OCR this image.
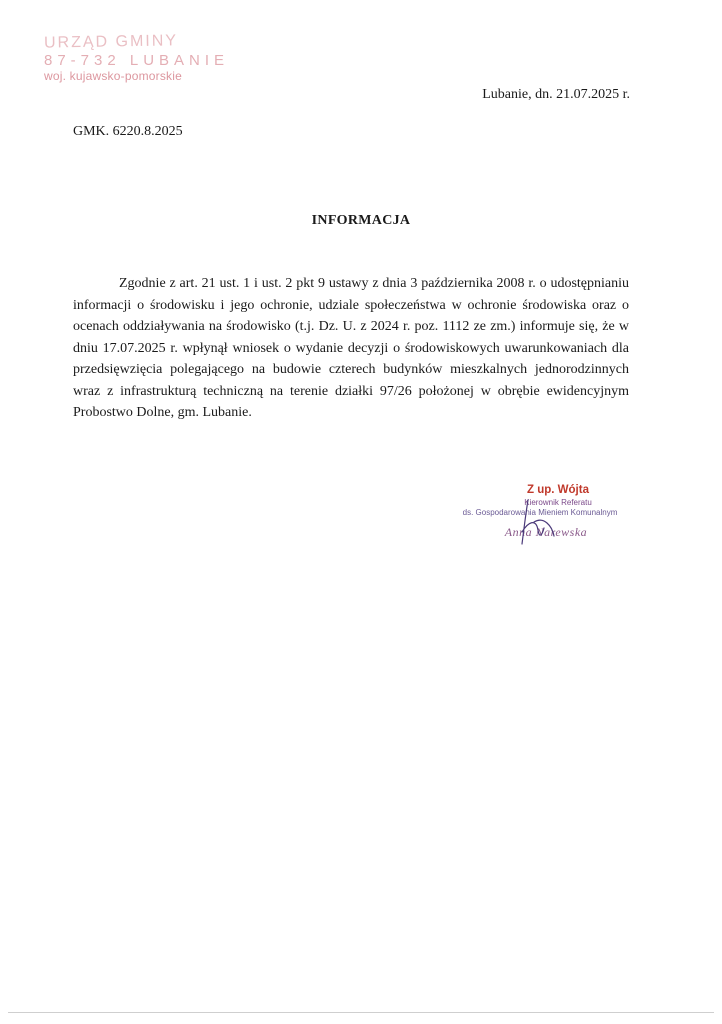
URZĄD GMINY
87-732 LUBANIE
woj. kujawsko-pomorskie
Lubanie, dn. 21.07.2025 r.
GMK. 6220.8.2025
INFORMACJA

Zgodnie z art. 21 ust. 1 i ust. 2 pkt 9 ustawy z dnia 3 października 2008 r. o udostępnianiu informacji o środowisku i jego ochronie, udziale społeczeństwa w ochronie środowiska oraz o ocenach oddziaływania na środowisko (t.j. Dz. U. z 2024 r. poz. 1112 ze zm.) informuje się, że w dniu 17.07.2025 r. wpłynął wniosek o wydanie decyzji o środowiskowych uwarunkowaniach dla przedsięwzięcia polegającego na budowie czterech budynków mieszkalnych jednorodzinnych wraz z infrastrukturą techniczną na terenie działki 97/26 położonej w obrębie ewidencyjnym Probostwo Dolne, gm. Lubanie.

Z up. Wójta
Kierownik Referatu
ds. Gospodarowania Mieniem Komunalnym
Anna Narewska
